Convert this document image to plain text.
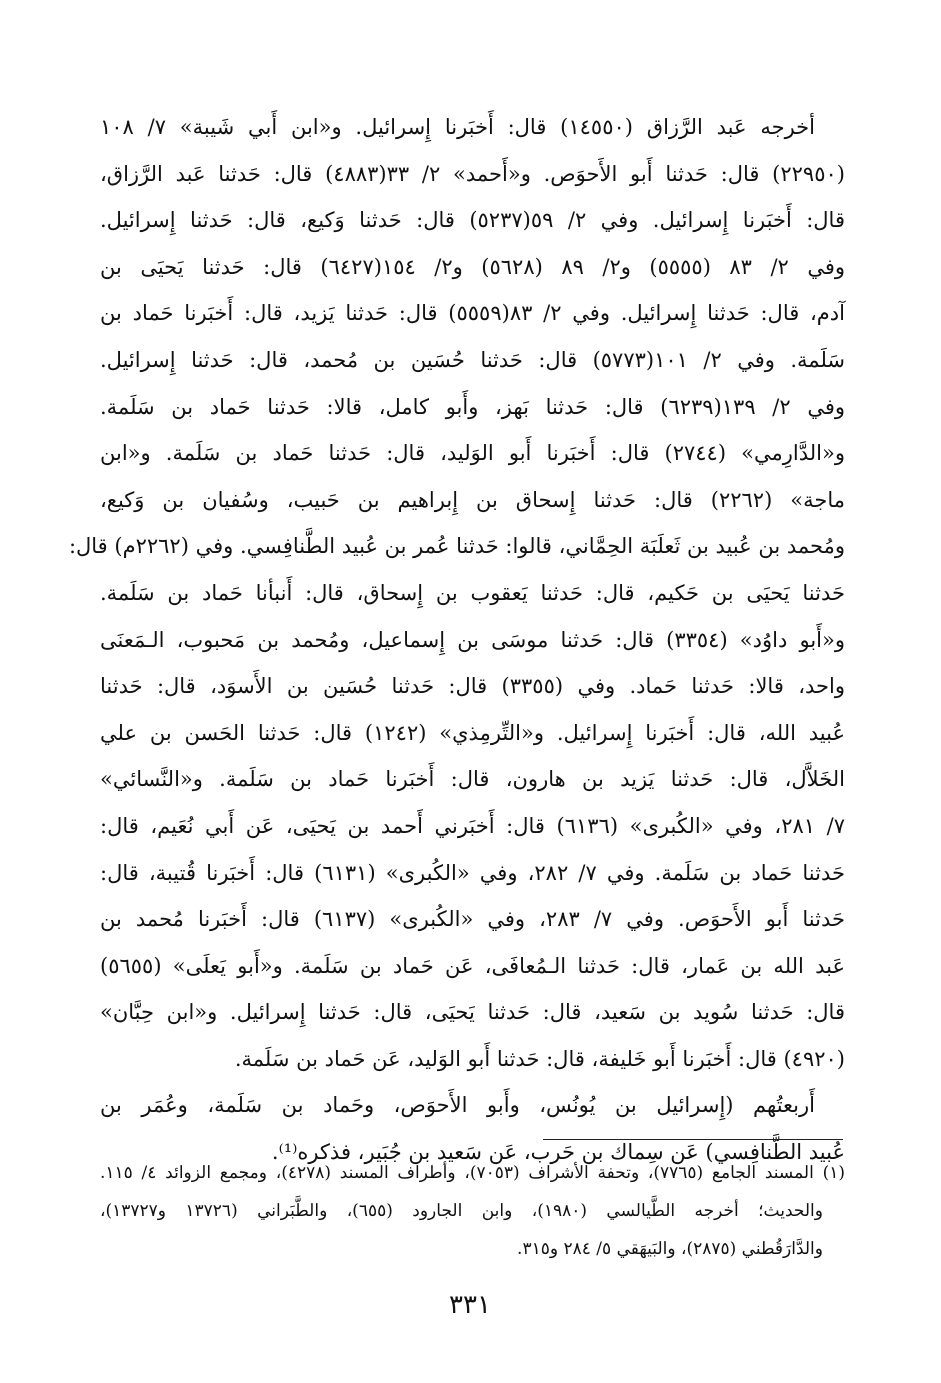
أخرجه عَبد الرَّزاق (١٤٥٥٠) قال: أَخبَرنا إِسرائيل. و«ابن أَبي شَيبة» ٧/ ١٠٨
(٢٢٩٥٠) قال: حَدثنا أَبو الأَحوَص. و«أَحمد» ٢/ ٣٣(٤٨٨٣) قال: حَدثنا عَبد الرَّزاق،
قال: أَخبَرنا إِسرائيل. وفي ٢/ ٥٩(٥٢٣٧) قال: حَدثنا وَكيع، قال: حَدثنا إِسرائيل.
وفي ٢/ ٨٣ (٥٥٥٥) و٢/ ٨٩ (٥٦٢٨) و٢/ ١٥٤(٦٤٢٧) قال: حَدثنا يَحيَى بن
آدم، قال: حَدثنا إِسرائيل. وفي ٢/ ٨٣(٥٥٥٩) قال: حَدثنا يَزيد، قال: أَخبَرنا حَماد بن
سَلَمة. وفي ٢/ ١٠١(٥٧٧٣) قال: حَدثنا حُسَين بن مُحمد، قال: حَدثنا إِسرائيل.
وفي ٢/ ١٣٩(٦٢٣٩) قال: حَدثنا بَهز، وأَبو كامل، قالا: حَدثنا حَماد بن سَلَمة.
و«الدَّارِمي» (٢٧٤٤) قال: أَخبَرنا أَبو الوَليد، قال: حَدثنا حَماد بن سَلَمة. و«ابن
ماجة» (٢٢٦٢) قال: حَدثنا إِسحاق بن إِبراهيم بن حَبيب، وسُفيان بن وَكيع،
ومُحمد بن عُبيد بن ثَعلَبَة الحِمَّاني، قالوا: حَدثنا عُمر بن عُبيد الطَّنافِسي. وفي (٢٢٦٢م) قال:
حَدثنا يَحيَى بن حَكيم، قال: حَدثنا يَعقوب بن إِسحاق، قال: أَنبأنا حَماد بن سَلَمة.
و«أَبو داوُد» (٣٣٥٤) قال: حَدثنا موسَى بن إِسماعيل، ومُحمد بن مَحبوب، الـمَعنَى
واحد، قالا: حَدثنا حَماد. وفي (٣٣٥٥) قال: حَدثنا حُسَين بن الأَسوَد، قال: حَدثنا
عُبيد الله، قال: أَخبَرنا إِسرائيل. و«التِّرمِذي» (١٢٤٢) قال: حَدثنا الحَسن بن علي
الخَلاَّل، قال: حَدثنا يَزيد بن هارون، قال: أَخبَرنا حَماد بن سَلَمة. و«النَّسائي»
٧/ ٢٨١، وفي «الكُبرى» (٦١٣٦) قال: أَخبَرني أَحمد بن يَحيَى، عَن أَبي نُعَيم، قال:
حَدثنا حَماد بن سَلَمة. وفي ٧/ ٢٨٢، وفي «الكُبرى» (٦١٣١) قال: أَخبَرنا قُتيبة، قال:
حَدثنا أَبو الأَحوَص. وفي ٧/ ٢٨٣، وفي «الكُبرى» (٦١٣٧) قال: أَخبَرنا مُحمد بن
عَبد الله بن عَمار، قال: حَدثنا الـمُعافَى، عَن حَماد بن سَلَمة. و«أَبو يَعلَى» (٥٦٥٥)
قال: حَدثنا سُويد بن سَعيد، قال: حَدثنا يَحيَى، قال: حَدثنا إِسرائيل. و«ابن حِبَّان»
(٤٩٢٠) قال: أَخبَرنا أَبو خَليفة، قال: حَدثنا أَبو الوَليد، عَن حَماد بن سَلَمة.
أَربعتُهم (إِسرائيل بن يُونُس، وأَبو الأَحوَص، وحَماد بن سَلَمة، وعُمَر بن
عُبيد الطَّنافِسي) عَن سِماك بن حَرب، عَن سَعيد بن جُبَير، فذكره⁽¹⁾.
(١) المسند الجامع (٧٧٦٥)، وتحفة الأشراف (٧٠٥٣)، وأطراف المسند (٤٢٧٨)، ومجمع الزوائد ٤/ ١١٥.
والحديث؛ أخرجه الطَّيالسي (١٩٨٠)، وابن الجارود (٦٥٥)، والطَّبَراني (١٣٧٢٦ و١٣٧٢٧)،
والدَّارَقُطني (٢٨٧٥)، والبَيهَقي ٥/ ٢٨٤ و٣١٥.
٣٣١
